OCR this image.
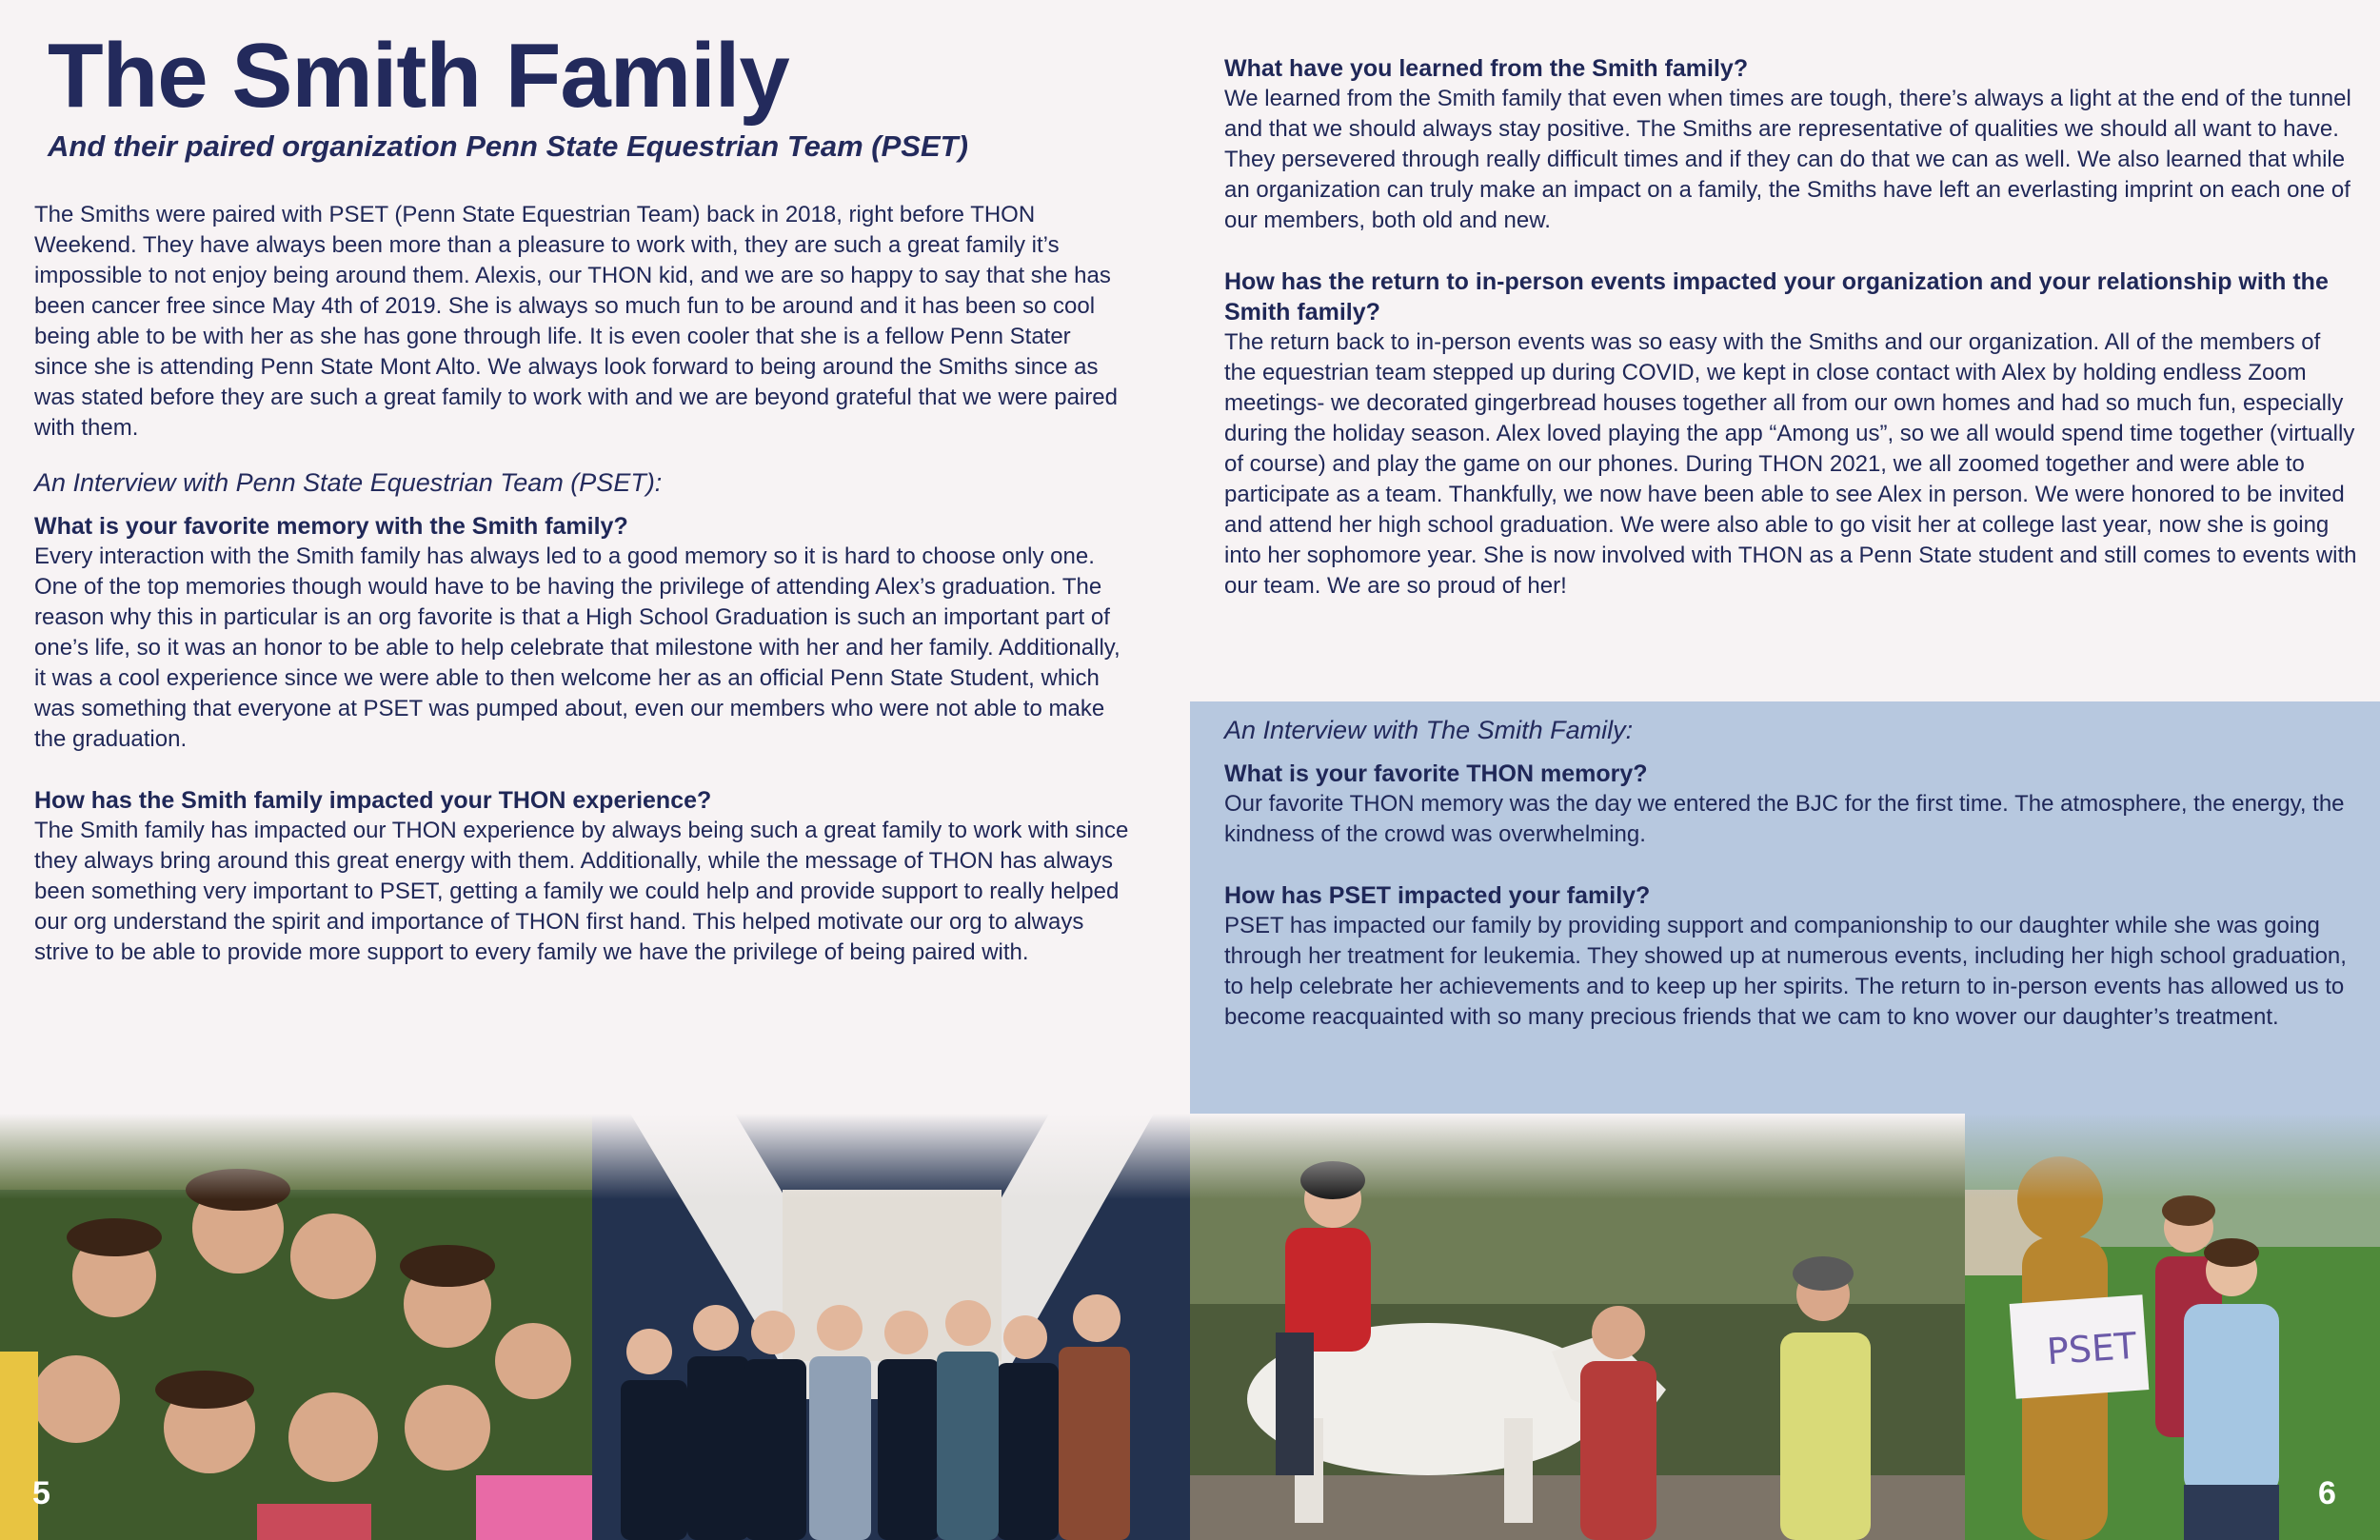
The Smith Family
And their paired organization Penn State Equestrian Team (PSET)

The Smiths were paired with PSET (Penn State Equestrian Team) back in 2018, right before THON Weekend. They have always been more than a pleasure to work with, they are such a great family it’s impossible to not enjoy being around them. Alexis, our THON kid, and we are so happy to say that she has been cancer free since May 4th of 2019. She is always so much fun to be around and it has been so cool being able to be with her as she has gone through life. It is even cooler that she is a fellow Penn Stater since she is attending Penn State Mont Alto. We always look forward to being around the Smiths since as was stated before they are such a great family to work with and we are beyond grateful that we were paired with them.

An Interview with Penn State Equestrian Team (PSET):

What is your favorite memory with the Smith family?

Every interaction with the Smith family has always led to a good memory so it is hard to choose only one. One of the top memories though would have to be having the privilege of attending Alex’s graduation. The reason why this in particular is an org favorite is that a High School Graduation is such an important part of one’s life, so it was an honor to be able to help celebrate that milestone with her and her family. Additionally, it was a cool experience since we were able to then welcome her as an official Penn State Student, which was something that everyone at PSET was pumped about, even our members who were not able to make the graduation.

How has the Smith family impacted your THON experience?

The Smith family has impacted our THON experience by always being such a great family to work with since they always bring around this great energy with them. Additionally, while the message of THON has always been something very important to PSET, getting a family we could help and provide support to really helped our org understand the spirit and importance of THON first hand. This helped motivate our org to always strive to be able to provide more support to every family we have the privilege of being paired with.

5

What have you learned from the Smith family?

We learned from the Smith family that even when times are tough, there’s always a light at the end of the tunnel and that we should always stay positive. The Smiths are representative of qualities we should all want to have. They persevered through really difficult times and if they can do that we can as well. We also learned that while an organization can truly make an impact on a family, the Smiths have left an everlasting imprint on each one of our members, both old and new.

How has the return to in-person events impacted your organization and your relationship with the Smith family?

The return back to in-person events was so easy with the Smiths and our organization. All of the members of the equestrian team stepped up during COVID, we kept in close contact with Alex by holding endless Zoom meetings- we decorated gingerbread houses together all from our own homes and had so much fun, especially during the holiday season. Alex loved playing the app “Among us”, so we all would spend time together (virtually of course) and play the game on our phones. During THON 2021, we all zoomed together and were able to participate as a team. Thankfully, we now have been able to see Alex in person. We were honored to be invited and attend her high school graduation. We were also able to go visit her at college last year, now she is going into her sophomore year. She is now involved with THON as a Penn State student and still comes to events with our team. We are so proud of her!

An Interview with The Smith Family:

What is your favorite THON memory?

Our favorite THON memory was the day we entered the BJC for the first time. The atmosphere, the energy, the kindness of the crowd was overwhelming.

How has PSET impacted your family?

PSET has impacted our family by providing support and companionship to our daughter while she was going through her treatment for leukemia. They showed up at numerous events, including her high school graduation, to help celebrate her achievements and to keep up her spirits. The return to in-person events has allowed us to become reacquainted with so many precious friends that we cam to kno wover our daughter’s treatment.

PSET
6
